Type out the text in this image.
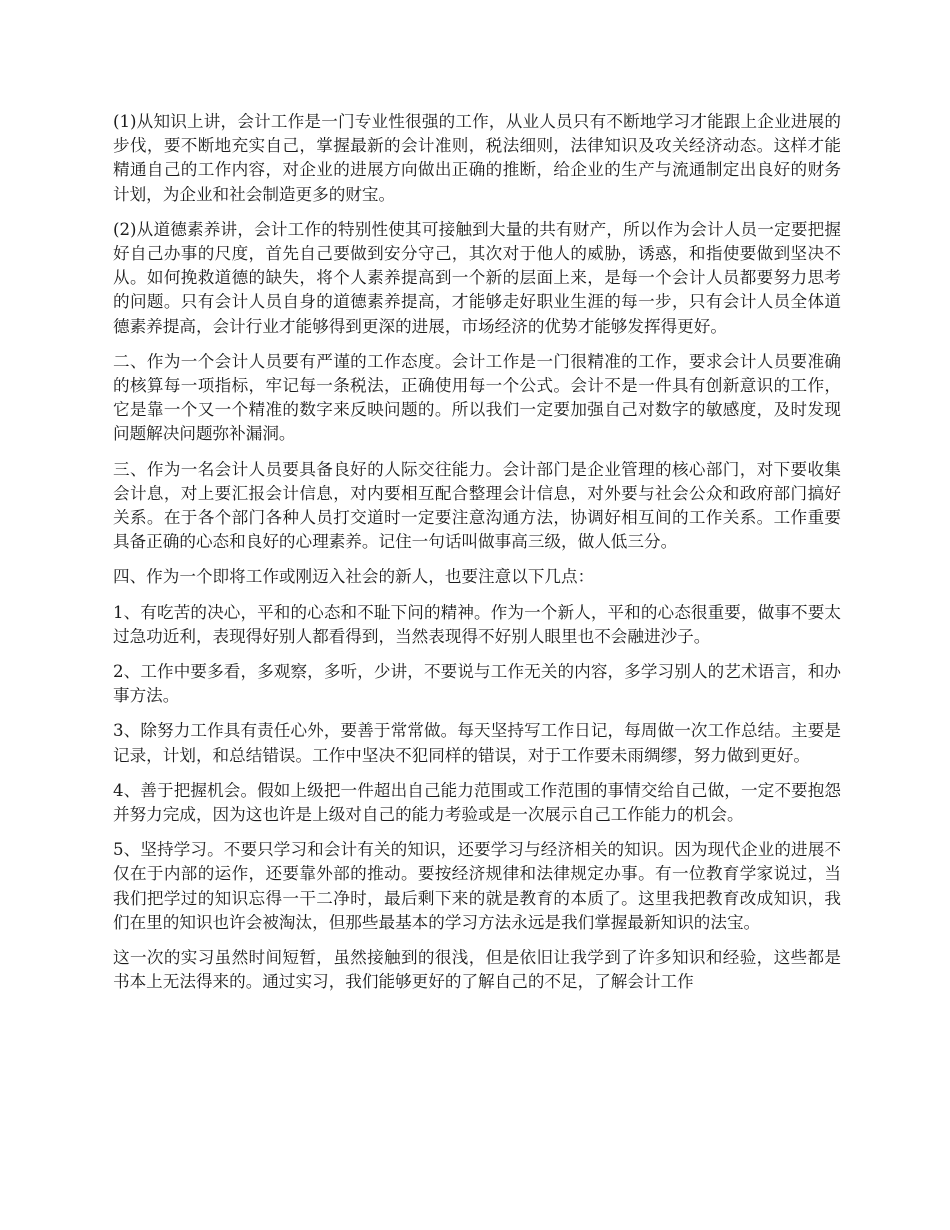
(1)从知识上讲，会计工作是一门专业性很强的工作，从业人员只有不断地学习才能跟上企业进展的步伐，要不断地充实自己，掌握最新的会计准则，税法细则，法律知识及攻关经济动态。这样才能精通自己的工作内容，对企业的进展方向做出正确的推断，给企业的生产与流通制定出良好的财务计划，为企业和社会制造更多的财宝。

(2)从道德素养讲，会计工作的特别性使其可接触到大量的共有财产，所以作为会计人员一定要把握好自己办事的尺度，首先自己要做到安分守己，其次对于他人的威胁，诱惑，和指使要做到坚决不从。如何挽救道德的缺失，将个人素养提高到一个新的层面上来，是每一个会计人员都要努力思考的问题。只有会计人员自身的道德素养提高，才能够走好职业生涯的每一步，只有会计人员全体道德素养提高，会计行业才能够得到更深的进展，市场经济的优势才能够发挥得更好。

二、作为一个会计人员要有严谨的工作态度。会计工作是一门很精准的工作，要求会计人员要准确的核算每一项指标，牢记每一条税法，正确使用每一个公式。会计不是一件具有创新意识的工作，它是靠一个又一个精准的数字来反映问题的。所以我们一定要加强自己对数字的敏感度，及时发现问题解决问题弥补漏洞。

三、作为一名会计人员要具备良好的人际交往能力。会计部门是企业管理的核心部门，对下要收集会计息，对上要汇报会计信息，对内要相互配合整理会计信息，对外要与社会公众和政府部门搞好关系。在于各个部门各种人员打交道时一定要注意沟通方法，协调好相互间的工作关系。工作重要具备正确的心态和良好的心理素养。记住一句话叫做事高三级，做人低三分。

四、作为一个即将工作或刚迈入社会的新人，也要注意以下几点：

1、有吃苦的决心，平和的心态和不耻下问的精神。作为一个新人，平和的心态很重要，做事不要太过急功近利，表现得好别人都看得到，当然表现得不好别人眼里也不会融进沙子。

2、工作中要多看，多观察，多听，少讲，不要说与工作无关的内容，多学习别人的艺术语言，和办事方法。

3、除努力工作具有责任心外，要善于常常做。每天坚持写工作日记，每周做一次工作总结。主要是记录，计划，和总结错误。工作中坚决不犯同样的错误，对于工作要未雨绸缪，努力做到更好。

4、善于把握机会。假如上级把一件超出自己能力范围或工作范围的事情交给自己做，一定不要抱怨并努力完成，因为这也许是上级对自己的能力考验或是一次展示自己工作能力的机会。

5、坚持学习。不要只学习和会计有关的知识，还要学习与经济相关的知识。因为现代企业的进展不仅在于内部的运作，还要靠外部的推动。要按经济规律和法律规定办事。有一位教育学家说过，当我们把学过的知识忘得一干二净时，最后剩下来的就是教育的本质了。这里我把教育改成知识，我们在里的知识也许会被淘汰，但那些最基本的学习方法永远是我们掌握最新知识的法宝。

这一次的实习虽然时间短暂，虽然接触到的很浅，但是依旧让我学到了许多知识和经验，这些都是书本上无法得来的。通过实习，我们能够更好的了解自己的不足，了解会计工作
